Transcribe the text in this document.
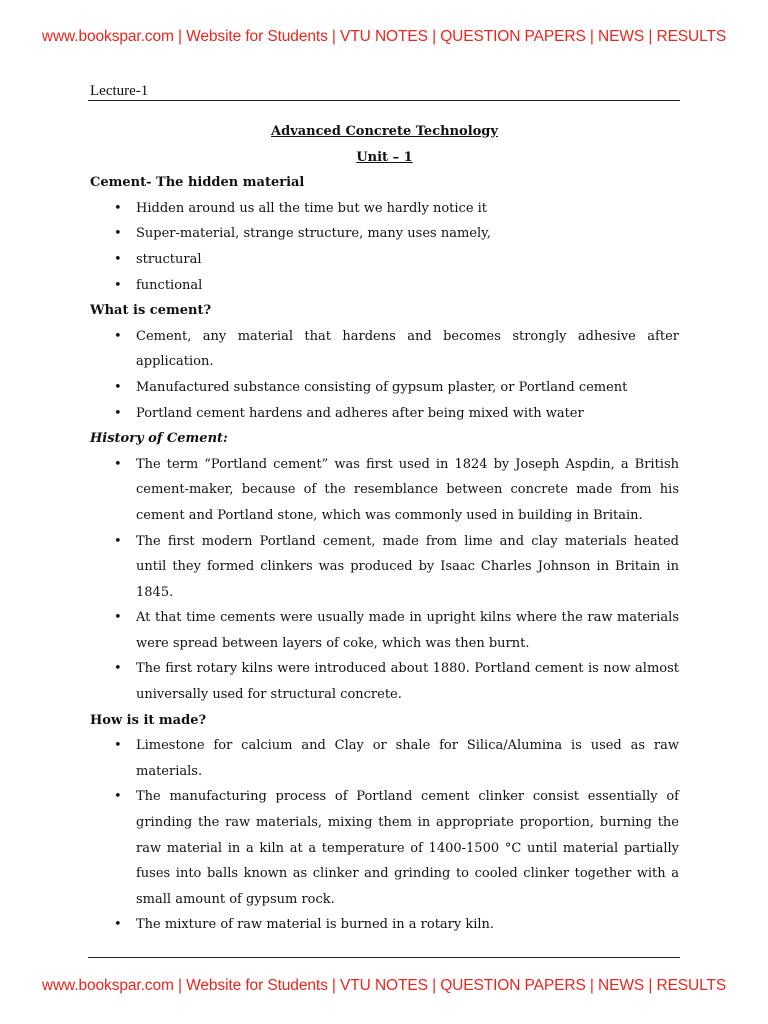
www.bookspar.com | Website for Students | VTU NOTES | QUESTION PAPERS | NEWS | RESULTS
Lecture-1
Advanced Concrete Technology
Unit – 1
Cement- The hidden material
• Hidden around us all the time but we hardly notice it
• Super-material, strange structure, many uses namely,
• structural
• functional
What is cement?
• Cement, any material that hardens and becomes strongly adhesive after application.
• Manufactured substance consisting of gypsum plaster, or Portland cement
• Portland cement hardens and adheres after being mixed with water
History of Cement:
• The term “Portland cement” was first used in 1824 by Joseph Aspdin, a British cement-maker, because of the resemblance between concrete made from his cement and Portland stone, which was commonly used in building in Britain.
• The first modern Portland cement, made from lime and clay materials heated until they formed clinkers was produced by Isaac Charles Johnson in Britain in 1845.
• At that time cements were usually made in upright kilns where the raw materials were spread between layers of coke, which was then burnt.
• The first rotary kilns were introduced about 1880. Portland cement is now almost universally used for structural concrete.
How is it made?
• Limestone for calcium and Clay or shale for Silica/Alumina is used as raw materials.
• The manufacturing process of Portland cement clinker consist essentially of grinding the raw materials, mixing them in appropriate proportion, burning the raw material in a kiln at a temperature of 1400-1500 °C until material partially fuses into balls known as clinker and grinding to cooled clinker together with a small amount of gypsum rock.
• The mixture of raw material is burned in a rotary kiln.
www.bookspar.com | Website for Students | VTU NOTES | QUESTION PAPERS | NEWS | RESULTS
